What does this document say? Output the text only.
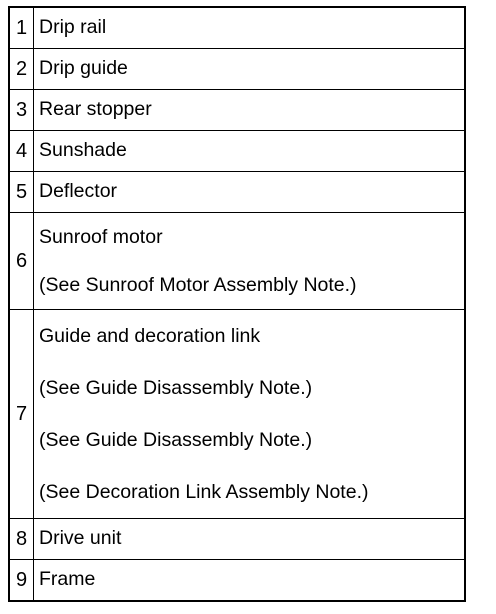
1	Drip rail
2	Drip guide
3	Rear stopper
4	Sunshade
5	Deflector
6	Sunroof motor
(See Sunroof Motor Assembly Note.)

7	Guide and decoration link
(See Guide Disassembly Note.)
(See Guide Disassembly Note.)
(See Decoration Link Assembly Note.)

8	Drive unit
9	Frame
